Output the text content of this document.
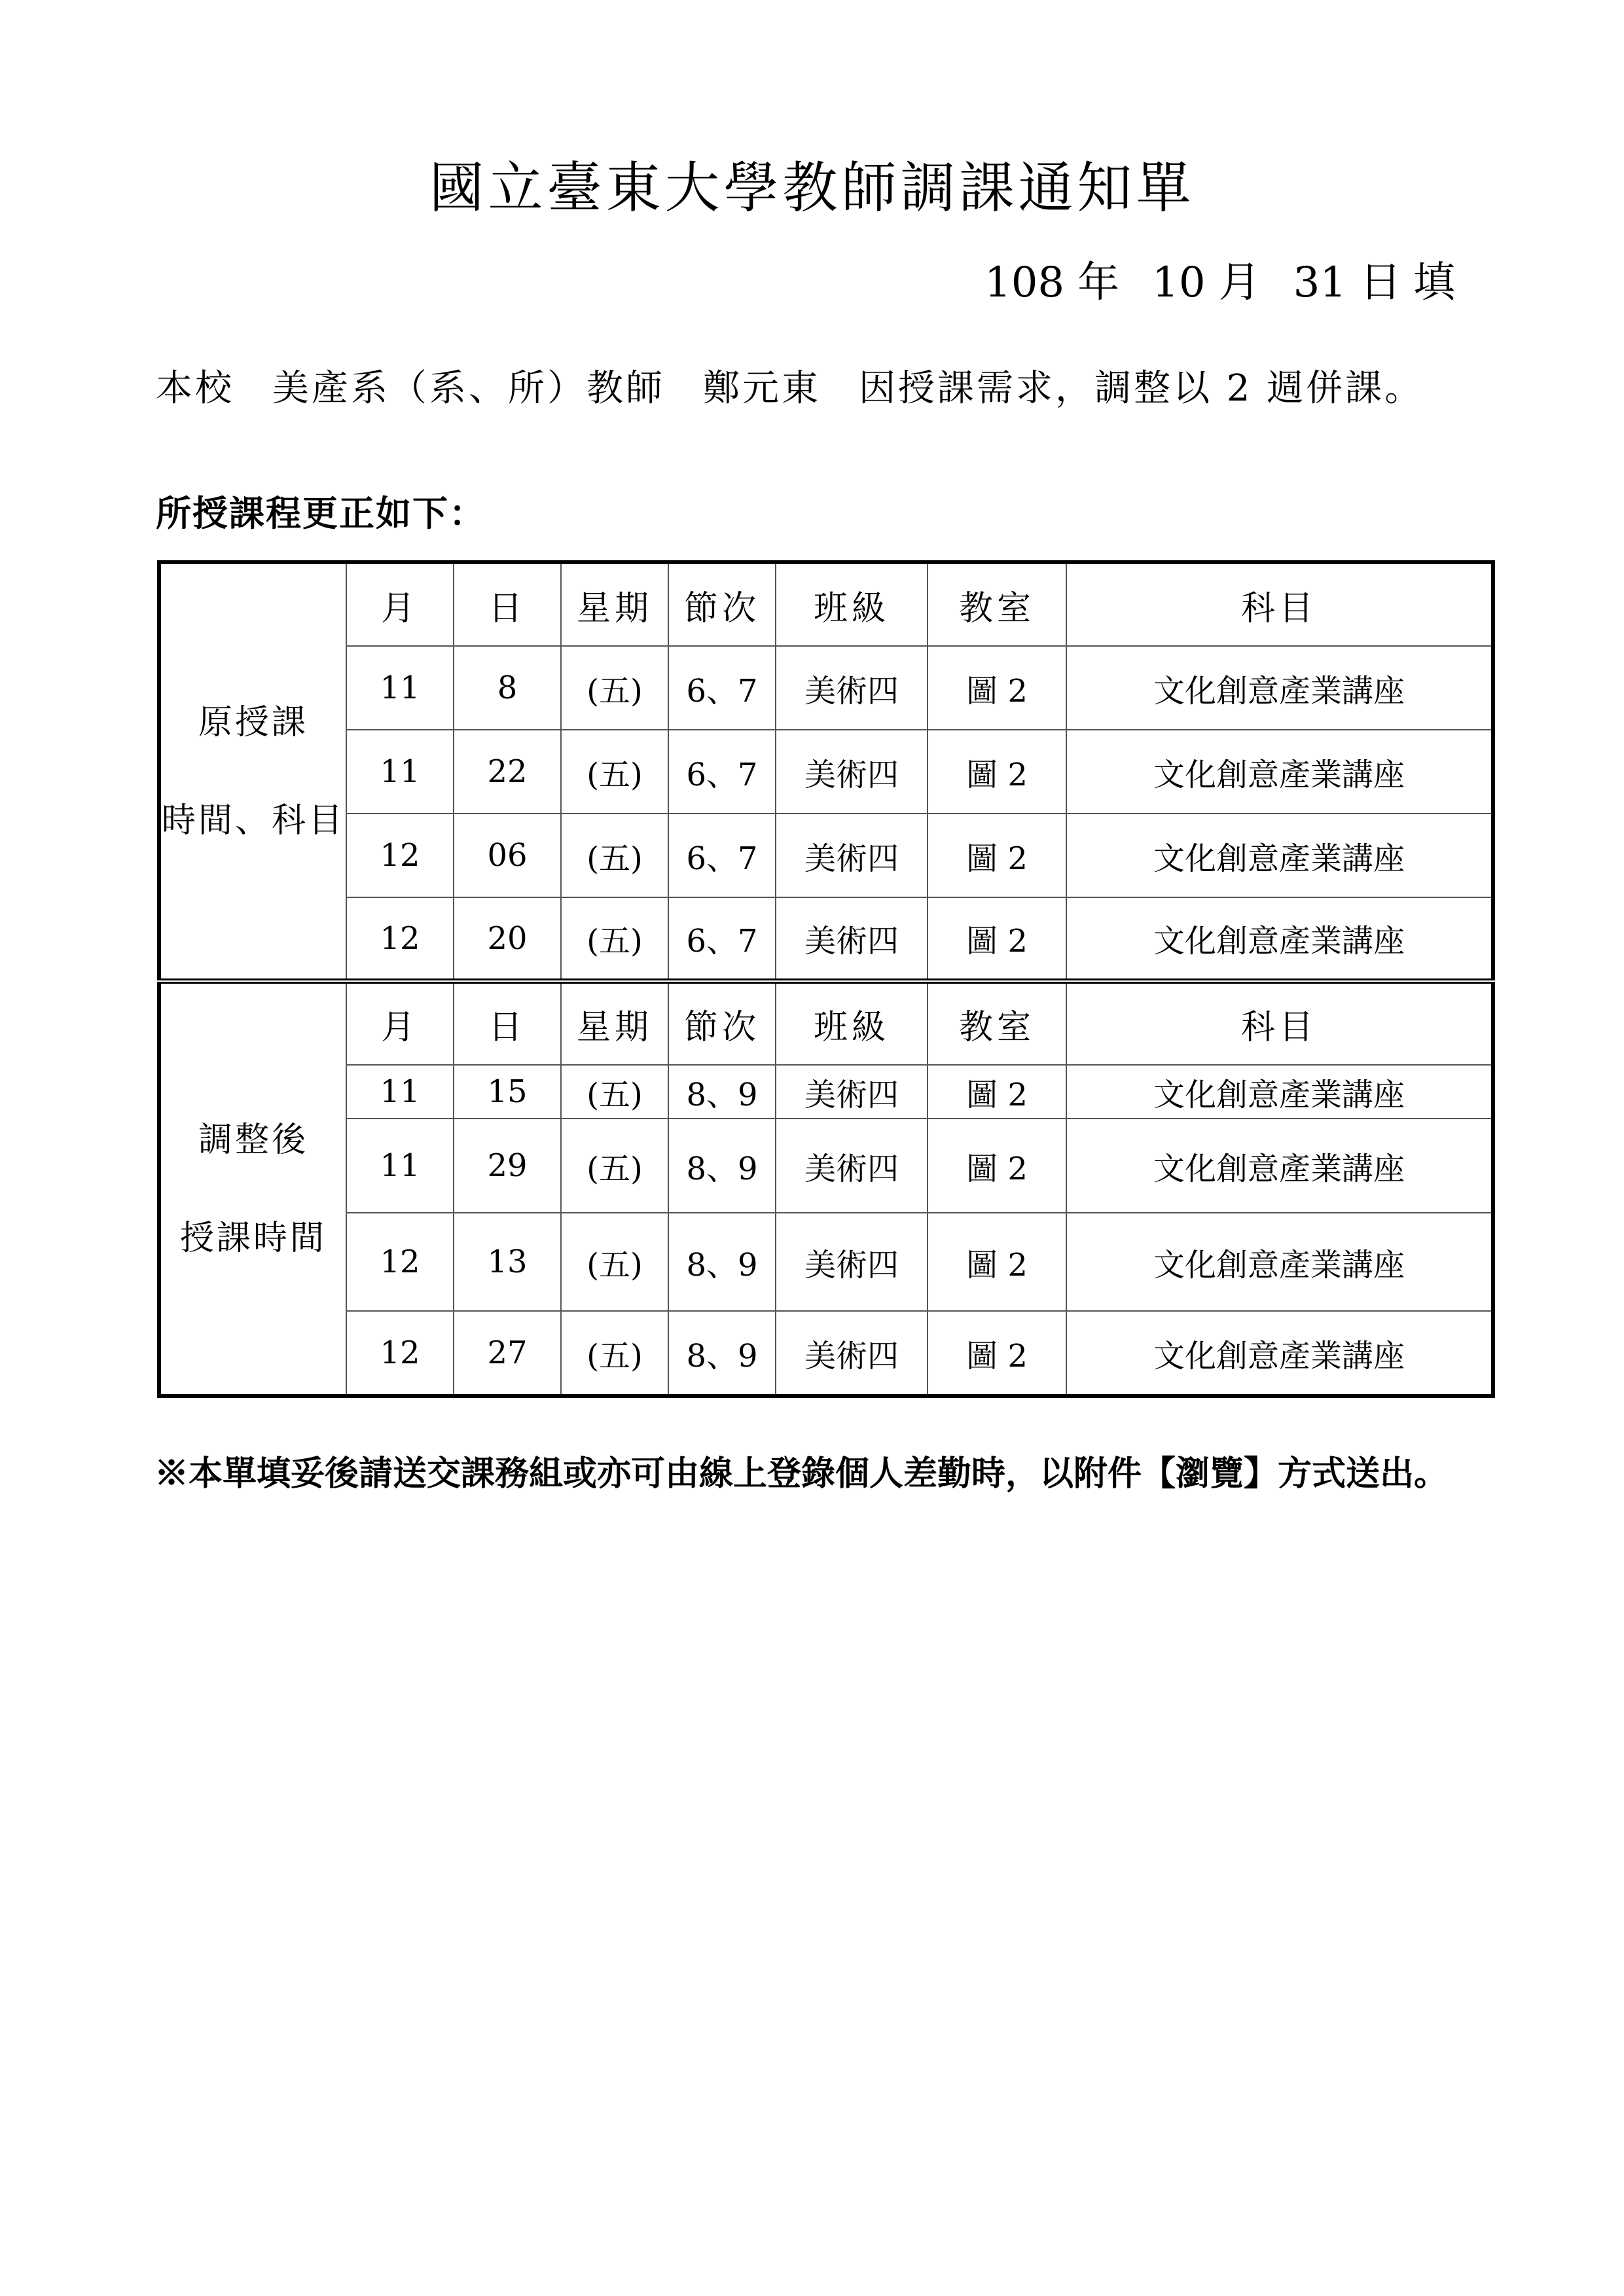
國立臺東大學教師調課通知單
108 年 10 月 31 日 填
本校 美產系（系、所）教師 鄭元東 因授課需求，調整以 2 週併課。
所授課程更正如下：
原授課
時間、科目	月	日	星期	節次	班級	教室	科目
	11	8	(五)	6、7	美術四	圖 2	文化創意產業講座
	11	22	(五)	6、7	美術四	圖 2	文化創意產業講座
	12	06	(五)	6、7	美術四	圖 2	文化創意產業講座
	12	20	(五)	6、7	美術四	圖 2	文化創意產業講座

調整後
授課時間	月	日	星期	節次	班級	教室	科目
	11	15	(五)	8、9	美術四	圖 2	文化創意產業講座
	11	29	(五)	8、9	美術四	圖 2	文化創意產業講座
	12	13	(五)	8、9	美術四	圖 2	文化創意產業講座
	12	27	(五)	8、9	美術四	圖 2	文化創意產業講座
※本單填妥後請送交課務組或亦可由線上登錄個人差勤時，以附件【瀏覽】方式送出。
